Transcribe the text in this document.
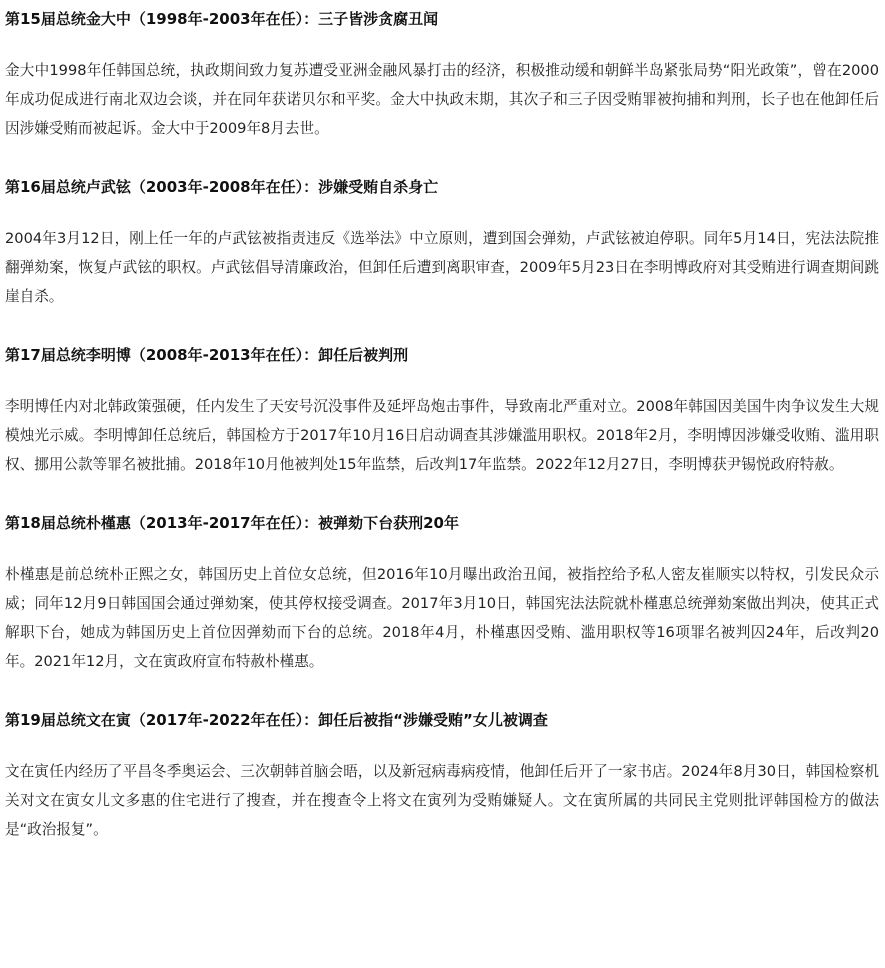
第15届总统金大中（1998年-2003年在任）：三子皆涉贪腐丑闻
金大中1998年任韩国总统，执政期间致力复苏遭受亚洲金融风暴打击的经济，积极推动缓和朝鲜半岛紧张局势“阳光政策”，曾在2000年成功促成进行南北双边会谈，并在同年获诺贝尔和平奖。金大中执政末期，其次子和三子因受贿罪被拘捕和判刑，长子也在他卸任后因涉嫌受贿而被起诉。金大中于2009年8月去世。
第16届总统卢武铉（2003年-2008年在任）：涉嫌受贿自杀身亡
2004年3月12日，刚上任一年的卢武铉被指责违反《选举法》中立原则，遭到国会弹劾，卢武铉被迫停职。同年5月14日，宪法法院推翻弹劾案，恢复卢武铉的职权。卢武铉倡导清廉政治，但卸任后遭到离职审查，2009年5月23日在李明博政府对其受贿进行调查期间跳崖自杀。
第17届总统李明博（2008年-2013年在任）：卸任后被判刑
李明博任内对北韩政策强硬，任内发生了天安号沉没事件及延坪岛炮击事件，导致南北严重对立。2008年韩国因美国牛肉争议发生大规模烛光示威。李明博卸任总统后，韩国检方于2017年10月16日启动调查其涉嫌滥用职权。2018年2月，李明博因涉嫌受收贿、滥用职权、挪用公款等罪名被批捕。2018年10月他被判处15年监禁，后改判17年监禁。2022年12月27日，李明博获尹锡悦政府特赦。
第18届总统朴槿惠（2013年-2017年在任）：被弹劾下台获刑20年
朴槿惠是前总统朴正熙之女，韩国历史上首位女总统，但2016年10月曝出政治丑闻，被指控给予私人密友崔顺实以特权，引发民众示威；同年12月9日韩国国会通过弹劾案，使其停权接受调查。2017年3月10日，韩国宪法法院就朴槿惠总统弹劾案做出判决，使其正式解职下台，她成为韩国历史上首位因弹劾而下台的总统。2018年4月，朴槿惠因受贿、滥用职权等16项罪名被判囚24年，后改判20年。2021年12月，文在寅政府宣布特赦朴槿惠。
第19届总统文在寅（2017年-2022年在任）：卸任后被指“涉嫌受贿”女儿被调查
文在寅任内经历了平昌冬季奥运会、三次朝韩首脑会晤，以及新冠病毒病疫情，他卸任后开了一家书店。2024年8月30日，韩国检察机关对文在寅女儿文多惠的住宅进行了搜查，并在搜查令上将文在寅列为受贿嫌疑人。文在寅所属的共同民主党则批评韩国检方的做法是“政治报复”。
